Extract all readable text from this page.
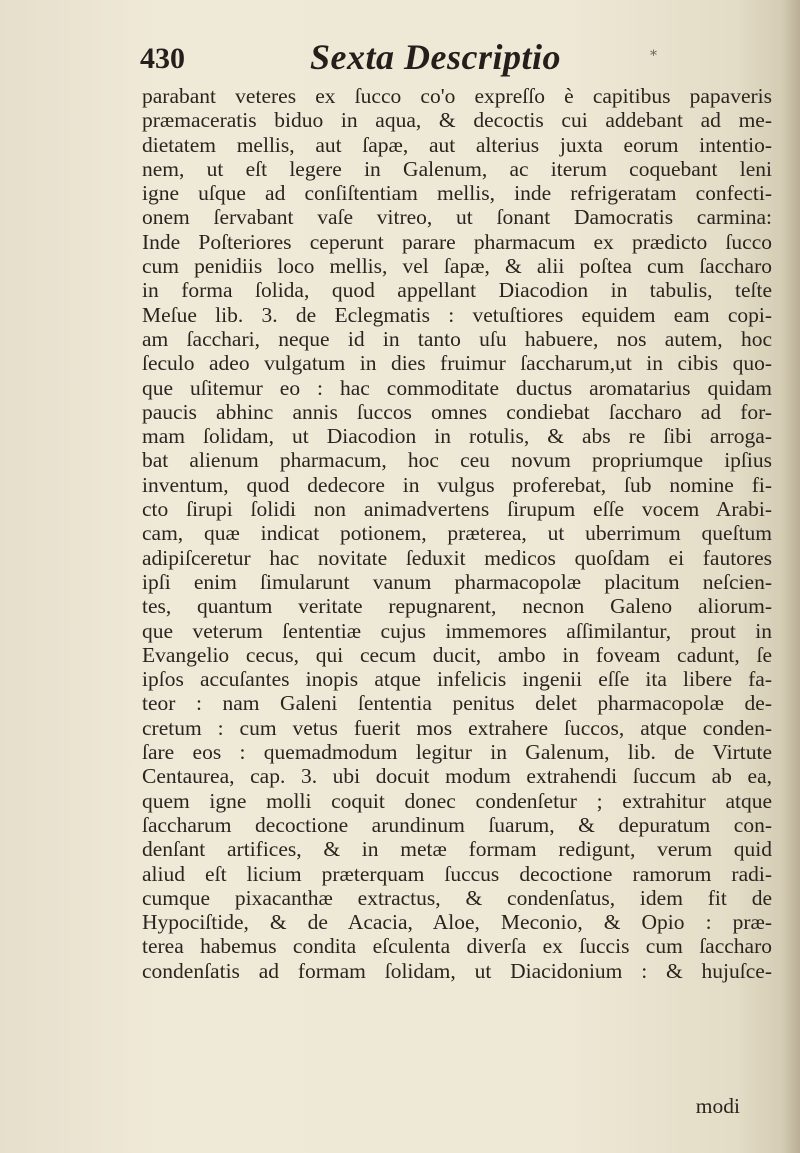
430	Sexta Descriptio	*
parabant veteres ex ſucco co'o expreſſo è capitibus papaveris
præmaceratis biduo in aqua, & decoctis cui addebant ad me-
dietatem mellis, aut ſapæ, aut alterius juxta eorum intentio-
nem, ut eſt legere in Galenum, ac iterum coquebant leni
igne uſque ad conſiſtentiam mellis, inde refrigeratam confecti-
onem ſervabant vaſe vitreo, ut ſonant Damocratis carmina:
Inde Poſteriores ceperunt parare pharmacum ex prædicto ſucco
cum penidiis loco mellis, vel ſapæ, & alii poſtea cum ſaccharo
in forma ſolida, quod appellant Diacodion in tabulis, teſte
Meſue lib. 3. de Eclegmatis : vetuſtiores equidem eam copi-
am ſacchari, neque id in tanto uſu habuere, nos autem, hoc
ſeculo adeo vulgatum in dies fruimur ſaccharum,ut in cibis quo-
que uſitemur eo : hac commoditate ductus aromatarius quidam
paucis abhinc annis ſuccos omnes condiebat ſaccharo ad for-
mam ſolidam, ut Diacodion in rotulis, & abs re ſibi arroga-
bat alienum pharmacum, hoc ceu novum propriumque ipſius
inventum, quod dedecore in vulgus proferebat, ſub nomine fi-
cto ſirupi ſolidi non animadvertens ſirupum eſſe vocem Arabi-
cam, quæ indicat potionem, præterea, ut uberrimum queſtum
adipiſceretur hac novitate ſeduxit medicos quoſdam ei fautores
ipſi enim ſimularunt vanum pharmacopolæ placitum neſcien-
tes, quantum veritate repugnarent, necnon Galeno aliorum-
que veterum ſententiæ cujus immemores aſſimilantur, prout in
Evangelio cecus, qui cecum ducit, ambo in foveam cadunt, ſe
ipſos accuſantes inopis atque infelicis ingenii eſſe ita libere fa-
teor : nam Galeni ſententia penitus delet pharmacopolæ de-
cretum : cum vetus fuerit mos extrahere ſuccos, atque conden-
ſare eos : quemadmodum legitur in Galenum, lib. de Virtute
Centaurea, cap. 3. ubi docuit modum extrahendi ſuccum ab ea,
quem igne molli coquit donec condenſetur ; extrahitur atque
ſaccharum decoctione arundinum ſuarum, & depuratum con-
denſant artifices, & in metæ formam redigunt, verum quid
aliud eſt licium præterquam ſuccus decoctione ramorum radi-
cumque pixacanthæ extractus, & condenſatus, idem fit de
Hypociſtide, & de Acacia, Aloe, Meconio, & Opio : præ-
terea habemus condita eſculenta diverſa ex ſuccis cum ſaccharo
condenſatis ad formam ſolidam, ut Diacidonium : & hujuſce-
modi
